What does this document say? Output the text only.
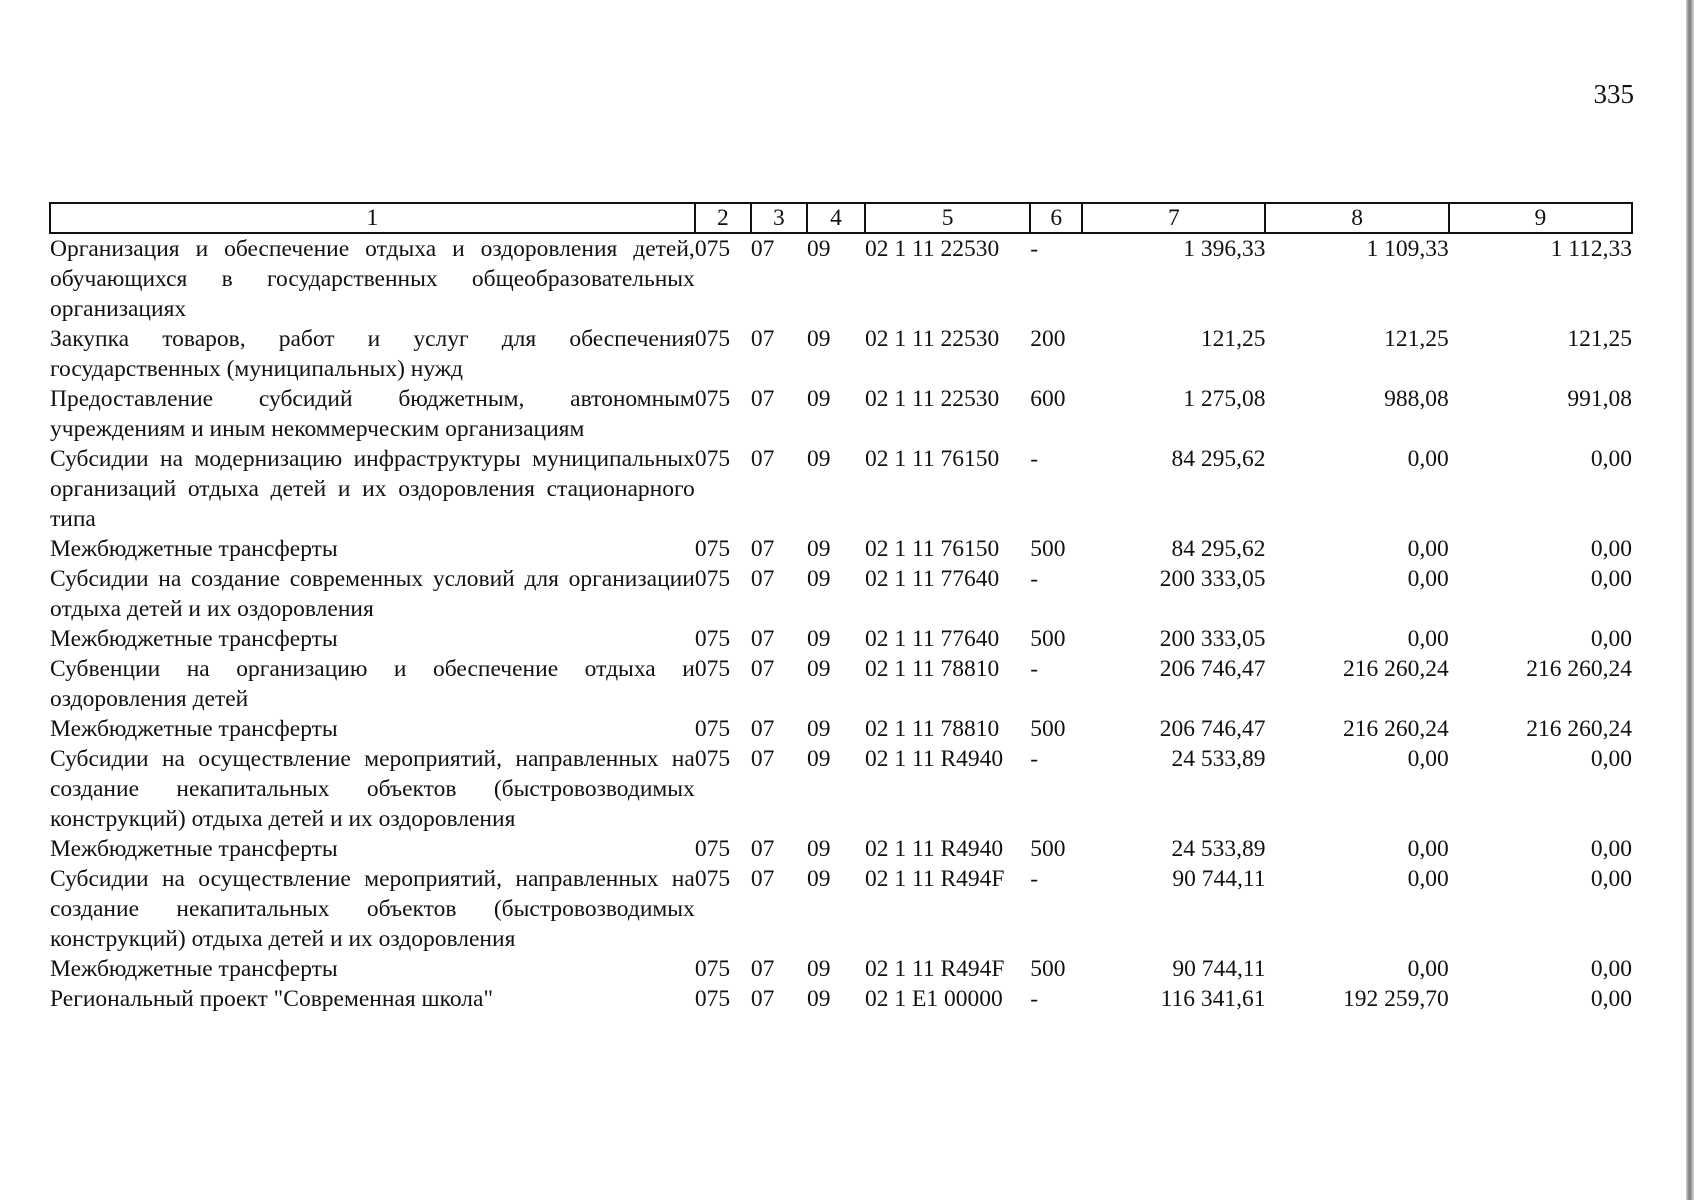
335
1	2	3	4	5	6	7	8	9
Организация и обеспечение отдыха и оздоровления детей, обучающихся в государственных общеобразовательных организациях	075	07	09	02 1 11 22530	-	1 396,33	1 109,33	1 112,33
Закупка товаров, работ и услуг для обеспечения государственных (муниципальных) нужд	075	07	09	02 1 11 22530	200	121,25	121,25	121,25
Предоставление субсидий бюджетным, автономным учреждениям и иным некоммерческим организациям	075	07	09	02 1 11 22530	600	1 275,08	988,08	991,08
Субсидии на модернизацию инфраструктуры муниципальных организаций отдыха детей и их оздоровления стационарного типа	075	07	09	02 1 11 76150	-	84 295,62	0,00	0,00
Межбюджетные трансферты	075	07	09	02 1 11 76150	500	84 295,62	0,00	0,00
Субсидии на создание современных условий для организации отдыха детей и их оздоровления	075	07	09	02 1 11 77640	-	200 333,05	0,00	0,00
Межбюджетные трансферты	075	07	09	02 1 11 77640	500	200 333,05	0,00	0,00
Субвенции на организацию и обеспечение отдыха и оздоровления детей	075	07	09	02 1 11 78810	-	206 746,47	216 260,24	216 260,24
Межбюджетные трансферты	075	07	09	02 1 11 78810	500	206 746,47	216 260,24	216 260,24
Субсидии на осуществление мероприятий, направленных на создание некапитальных объектов (быстровозводимых конструкций) отдыха детей и их оздоровления	075	07	09	02 1 11 R4940	-	24 533,89	0,00	0,00
Межбюджетные трансферты	075	07	09	02 1 11 R4940	500	24 533,89	0,00	0,00
Субсидии на осуществление мероприятий, направленных на создание некапитальных объектов (быстровозводимых конструкций) отдыха детей и их оздоровления	075	07	09	02 1 11 R494F	-	90 744,11	0,00	0,00
Межбюджетные трансферты	075	07	09	02 1 11 R494F	500	90 744,11	0,00	0,00
Региональный проект "Современная школа"	075	07	09	02 1 E1 00000	-	116 341,61	192 259,70	0,00
